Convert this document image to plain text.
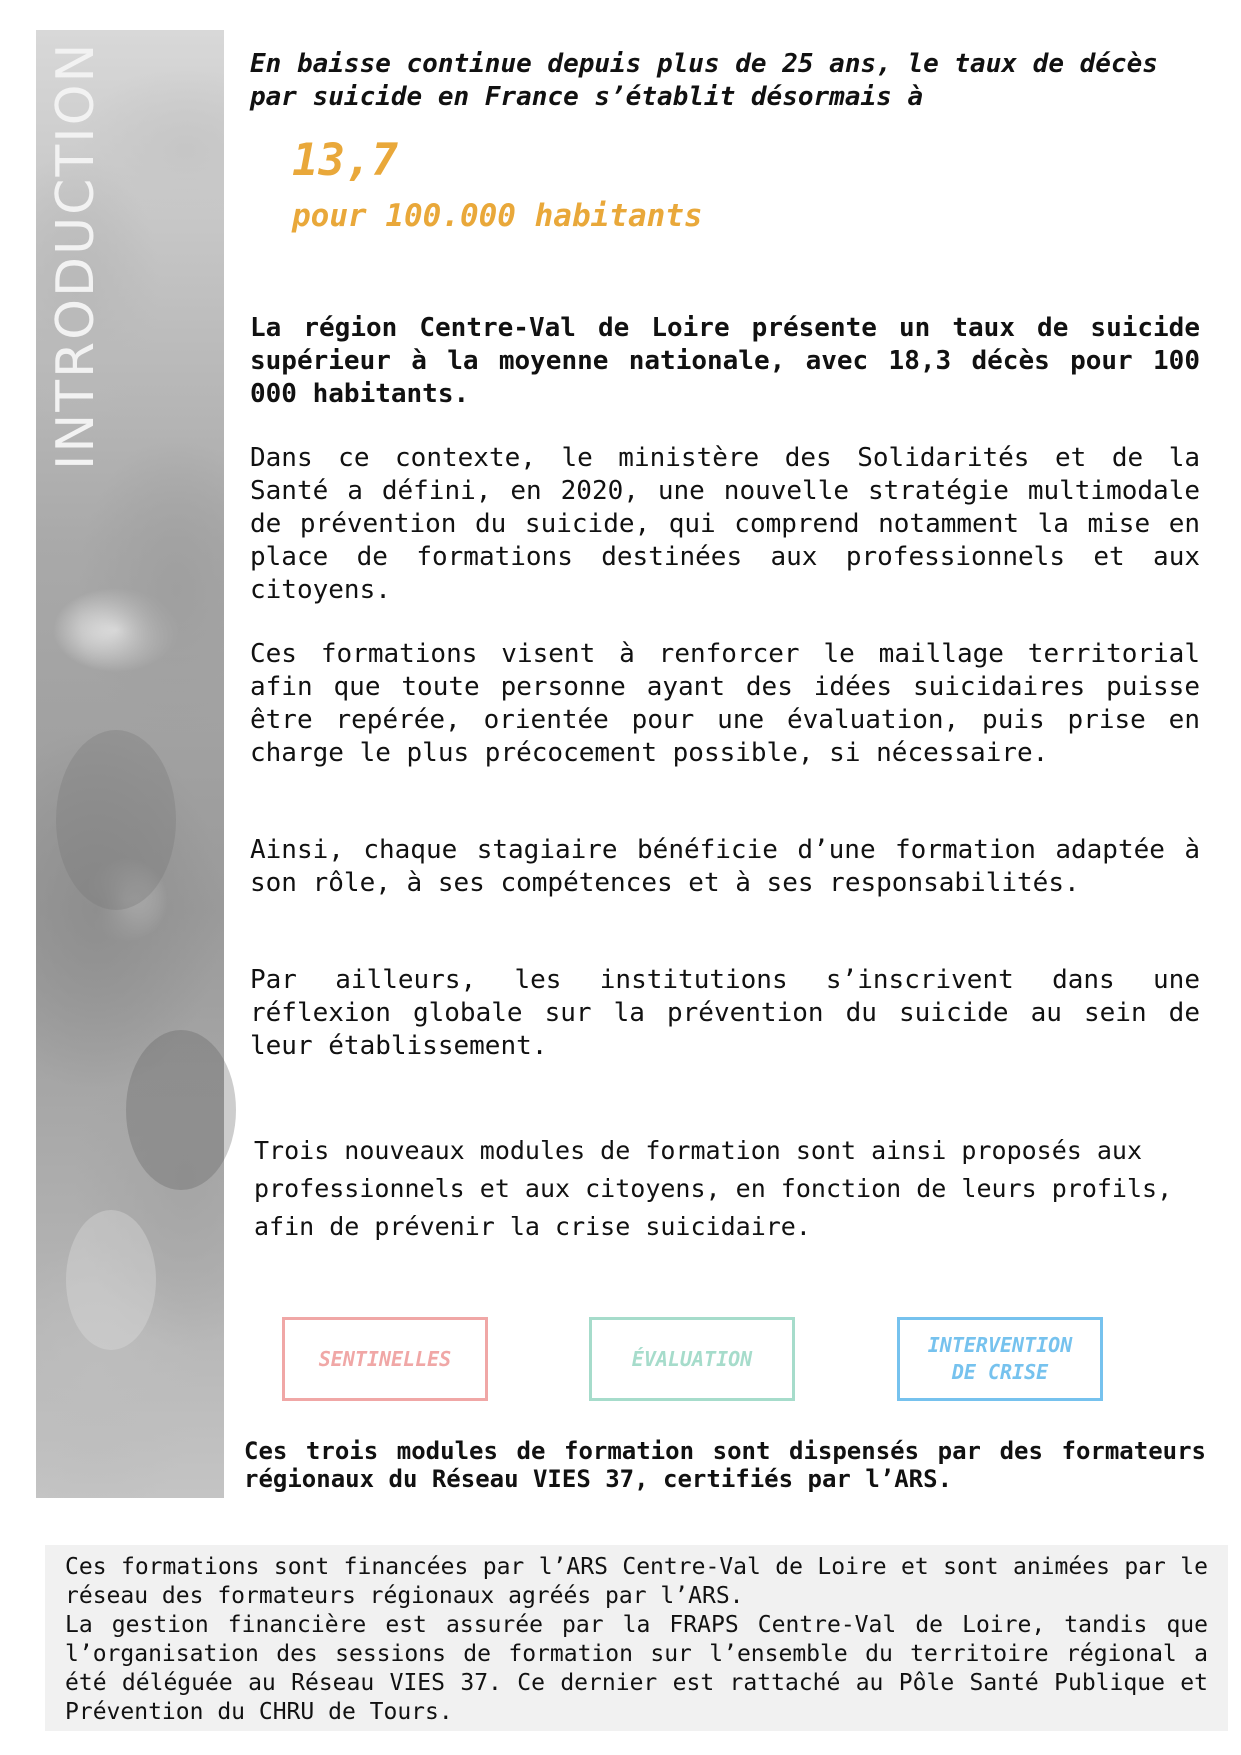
INTRODUCTION	En baisse continue depuis plus de 25 ans, le taux de décès par suicide en France s’établit désormais à
13,7
pour 100.000 habitants
La région Centre-Val de Loire présente un taux de suicide supérieur à la moyenne nationale, avec 18,3 décès pour 100 000 habitants.
Dans ce contexte, le ministère des Solidarités et de la Santé a défini, en 2020, une nouvelle stratégie multimodale de prévention du suicide, qui comprend notamment la mise en place de formations destinées aux professionnels et aux citoyens.
Ces formations visent à renforcer le maillage territorial afin que toute personne ayant des idées suicidaires puisse être repérée, orientée pour une évaluation, puis prise en charge le plus précocement possible, si nécessaire.
Ainsi, chaque stagiaire bénéficie d’une formation adaptée à son rôle, à ses compétences et à ses responsabilités.
Par ailleurs, les institutions s’inscrivent dans une réflexion globale sur la prévention du suicide au sein de leur établissement.
Trois nouveaux modules de formation sont ainsi proposés aux professionnels et aux citoyens, en fonction de leurs profils, afin de prévenir la crise suicidaire.
SENTINELLES	ÉVALUATION
INTERVENTION DE CRISE
Ces trois modules de formation sont dispensés par des formateurs régionaux du Réseau VIES 37, certifiés par l’ARS.

Ces formations sont financées par l’ARS Centre-Val de Loire et sont animées par le réseau des formateurs régionaux agréés par l’ARS.

La gestion financière est assurée par la FRAPS Centre-Val de Loire, tandis que l’organisation des sessions de formation sur l’ensemble du territoire régional a été déléguée au Réseau VIES 37. Ce dernier est rattaché au Pôle Santé Publique et Prévention du CHRU de Tours.
